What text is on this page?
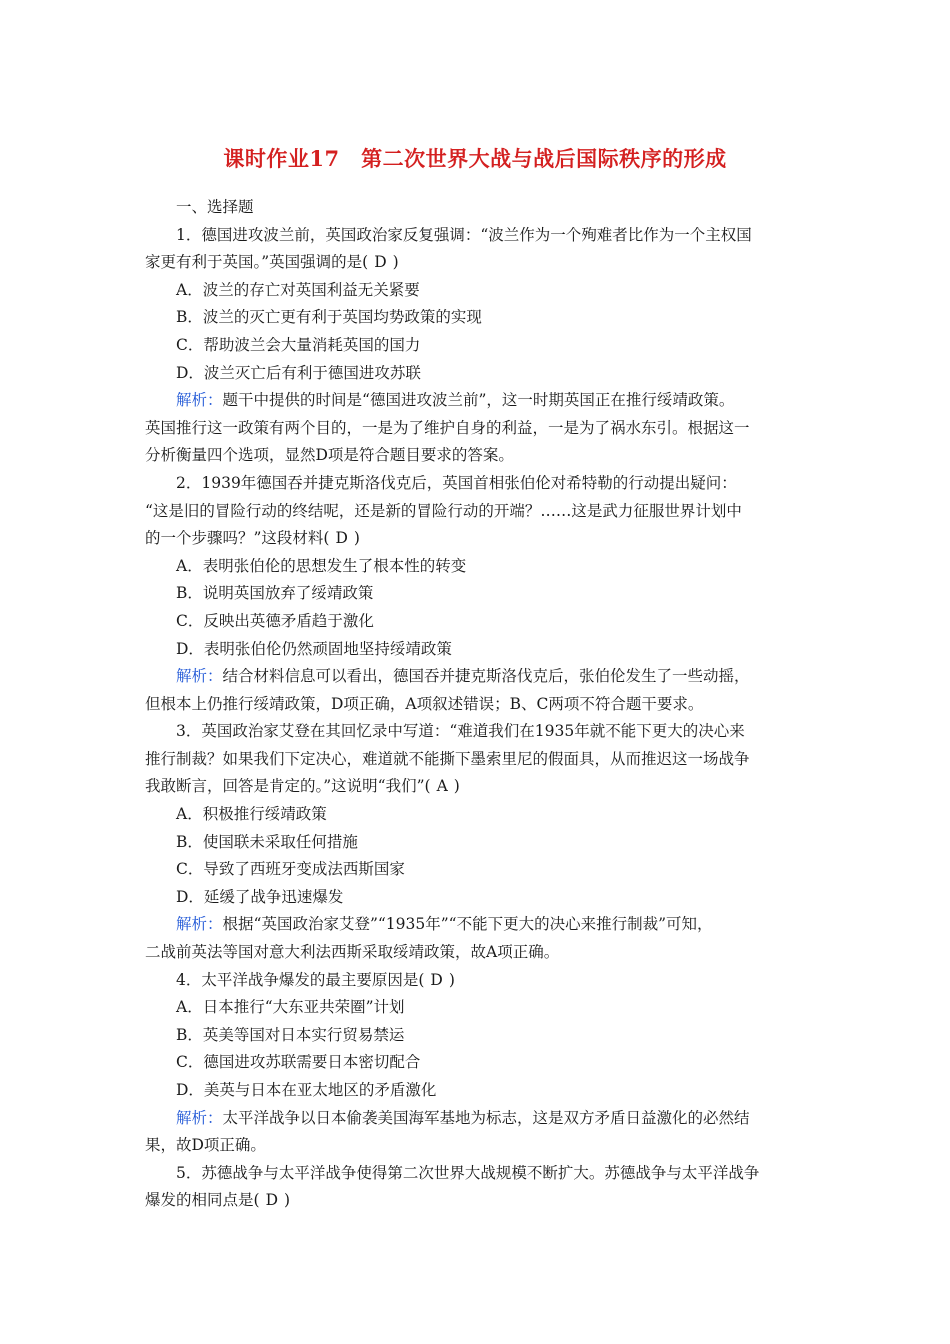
课时作业17　第二次世界大战与战后国际秩序的形成
一、选择题
1．德国进攻波兰前，英国政治家反复强调：“波兰作为一个殉难者比作为一个主权国
家更有利于英国。”英国强调的是( D )
A．波兰的存亡对英国利益无关紧要
B．波兰的灭亡更有利于英国均势政策的实现
C．帮助波兰会大量消耗英国的国力
D．波兰灭亡后有利于德国进攻苏联
解析：题干中提供的时间是“德国进攻波兰前”，这一时期英国正在推行绥靖政策。
英国推行这一政策有两个目的，一是为了维护自身的利益，一是为了祸水东引。根据这一
分析衡量四个选项，显然D项是符合题目要求的答案。
2．1939年德国吞并捷克斯洛伐克后，英国首相张伯伦对希特勒的行动提出疑问：
“这是旧的冒险行动的终结呢，还是新的冒险行动的开端？……这是武力征服世界计划中
的一个步骤吗？”这段材料( D )
A．表明张伯伦的思想发生了根本性的转变
B．说明英国放弃了绥靖政策
C．反映出英德矛盾趋于激化
D．表明张伯伦仍然顽固地坚持绥靖政策
解析：结合材料信息可以看出，德国吞并捷克斯洛伐克后，张伯伦发生了一些动摇，
但根本上仍推行绥靖政策，D项正确，A项叙述错误；B、C两项不符合题干要求。
3．英国政治家艾登在其回忆录中写道：“难道我们在1935年就不能下更大的决心来
推行制裁？如果我们下定决心，难道就不能撕下墨索里尼的假面具，从而推迟这一场战争
我敢断言，回答是肯定的。”这说明“我们”( A )
A．积极推行绥靖政策
B．使国联未采取任何措施
C．导致了西班牙变成法西斯国家
D．延缓了战争迅速爆发
解析：根据“英国政治家艾登”“1935年”“不能下更大的决心来推行制裁”可知，
二战前英法等国对意大利法西斯采取绥靖政策，故A项正确。
4．太平洋战争爆发的最主要原因是( D )
A．日本推行“大东亚共荣圈”计划
B．英美等国对日本实行贸易禁运
C．德国进攻苏联需要日本密切配合
D．美英与日本在亚太地区的矛盾激化
解析：太平洋战争以日本偷袭美国海军基地为标志，这是双方矛盾日益激化的必然结
果，故D项正确。
5．苏德战争与太平洋战争使得第二次世界大战规模不断扩大。苏德战争与太平洋战争
爆发的相同点是( D )
